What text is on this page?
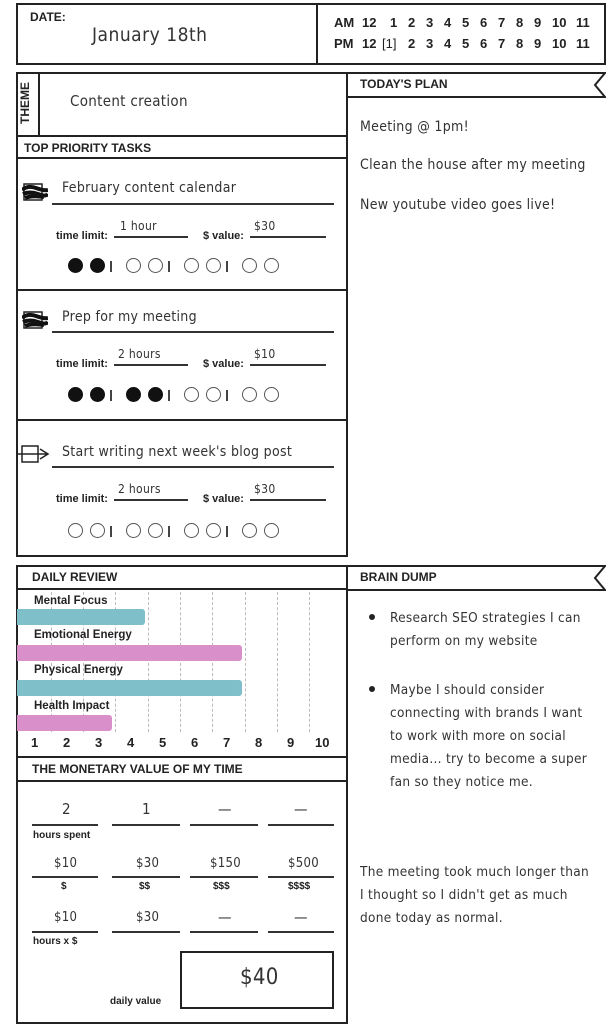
DATE:
January 18th
AM
PM
12 1 2 3 4 5 6 7 8 9 10 11
12 [1] 2 3 4 5 6 7 8 9 10 11
THEME	Content creation
TOP PRIORITY TASKS
February content calendar
time limit:
1 hour
$ value:
$30
Prep for my meeting
time limit:
2 hours
$ value:
$10
Start writing next week's blog post
time limit:
2 hours
$ value:
$30
TODAY'S PLAN
Meeting @ 1pm!
Clean the house after my meeting
New youtube video goes live!
DAILY REVIEW
Mental Focus
Emotional Energy
Physical Energy
Health Impact
1 2 3 4 5 6 7 8 9 10
THE MONETARY VALUE OF MY TIME
2	1	—	—
hours spent
$10	$30	$150	$500
$	$$	$$$	$$$$
$10	$30	—	—
hours x $
daily value
$40
BRAIN DUMP
Research SEO strategies I can perform on my website
Maybe I should consider connecting with brands I want to work with more on social media... try to become a super fan so they notice me.
The meeting took much longer than I thought so I didn't get as much done today as normal.
